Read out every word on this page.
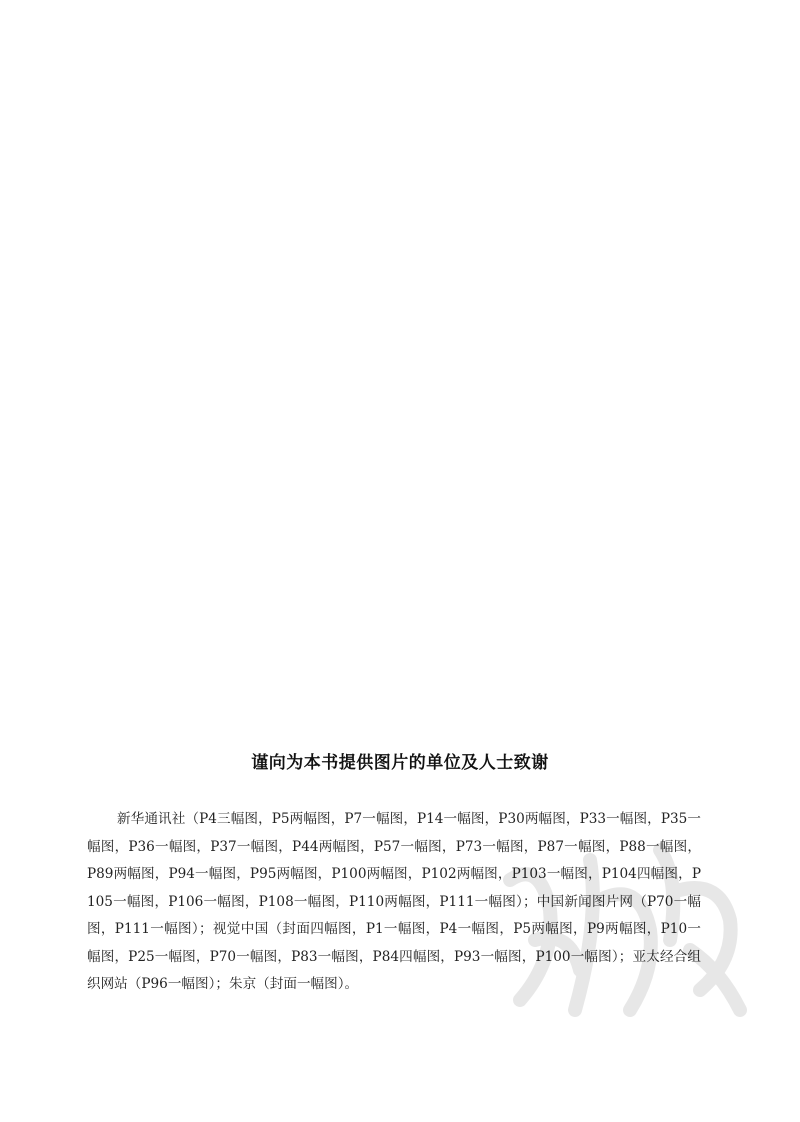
谨向为本书提供图片的单位及人士致谢

新华通讯社（P4三幅图，P5两幅图，P7一幅图，P14一幅图，P30两幅图，P33一幅图，P35一幅图，P36一幅图，P37一幅图，P44两幅图，P57一幅图，P73一幅图，P87一幅图，P88一幅图，P89两幅图，P94一幅图，P95两幅图，P100两幅图，P102两幅图，P103一幅图，P104四幅图，P105一幅图，P106一幅图，P108一幅图，P110两幅图，P111一幅图）；中国新闻图片网（P70一幅图，P111一幅图）；视觉中国（封面四幅图，P1一幅图，P4一幅图，P5两幅图，P9两幅图，P10一幅图，P25一幅图，P70一幅图，P83一幅图，P84四幅图，P93一幅图，P100一幅图）；亚太经合组织网站（P96一幅图）；朱京（封面一幅图）。
